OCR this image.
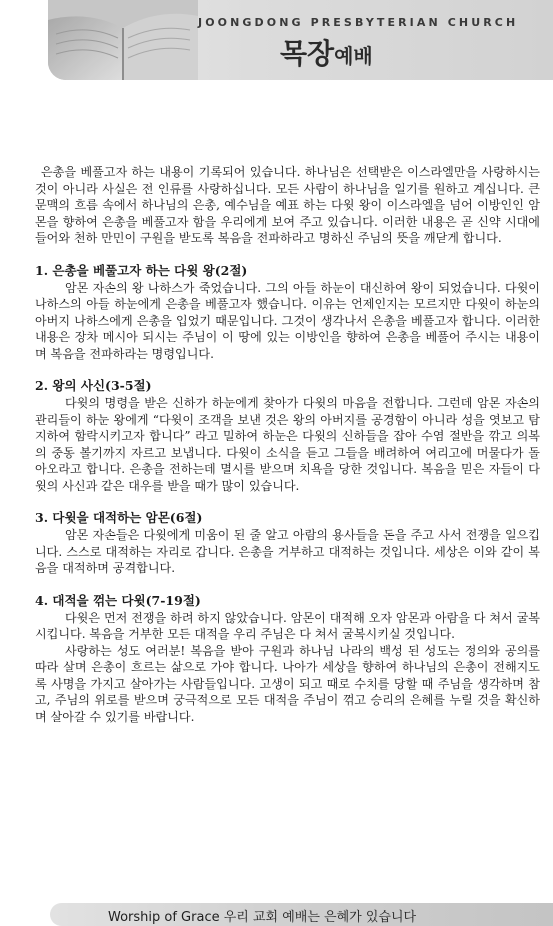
JOONGDONG PRESBYTERIAN CHURCH
목장예배

은총을 베풀고자 하는 내용이 기록되어 있습니다. 하나님은 선택받은 이스라엘만을 사랑하시는 것이 아니라 사실은 전 인류를 사랑하십니다. 모든 사람이 하나님을 일기를 원하고 계십니다. 큰 문맥의 흐름 속에서 하나님의 은총, 예수님을 예표 하는 다윗 왕이 이스라엘을 넘어 이방인인 암몬을 향하여 은총을 베풀고자 함을 우리에게 보여 주고 있습니다. 이러한 내용은 곧 신약 시대에 들어와 천하 만민이 구원을 받도록 복음을 전파하라고 명하신 주님의 뜻을 깨닫게 합니다.

1. 은총을 베풀고자 하는 다윗 왕(2절)

암몬 자손의 왕 나하스가 죽었습니다. 그의 아들 하눈이 대신하여 왕이 되었습니다. 다윗이 나하스의 아들 하눈에게 은총을 베풀고자 했습니다. 이유는 언제인지는 모르지만 다윗이 하눈의 아버지 나하스에게 은총을 입었기 때문입니다. 그것이 생각나서 은총을 베풀고자 합니다. 이러한 내용은 장차 메시아 되시는 주님이 이 땅에 있는 이방인을 향하여 은총을 베풀어 주시는 내용이며 복음을 전파하라는 명령입니다.

2. 왕의 사신(3-5절)

다윗의 명령을 받은 신하가 하눈에게 찾아가 다윗의 마음을 전합니다. 그런데 암몬 자손의 관리들이 하눈 왕에게 “다윗이 조객을 보낸 것은 왕의 아버지를 공경함이 아니라 성을 엿보고 탐지하여 함락시키고자 합니다” 라고 밀하여 하눈은 다윗의 신하들을 잡아 수염 절반을 깎고 의복의 중동 볼기까지 자르고 보냅니다. 다윗이 소식을 듣고 그들을 배려하여 여리고에 머물다가 돌아오라고 합니다. 은총을 전하는데 멸시를 받으며 치욕을 당한 것입니다. 복음을 믿은 자들이 다윗의 사신과 같은 대우를 받을 때가 많이 있습니다.

3. 다윗을 대적하는 암몬(6절)

암몬 자손들은 다윗에게 미움이 된 줄 알고 아람의 용사들을 돈을 주고 사서 전쟁을 일으킵니다. 스스로 대적하는 자리로 갑니다. 은총을 거부하고 대적하는 것입니다. 세상은 이와 같이 복음을 대적하며 공격합니다.

4. 대적을 꺾는 다윗(7-19절)

다윗은 먼저 전쟁을 하려 하지 않았습니다. 암몬이 대적해 오자 암몬과 아람을 다 쳐서 굴복시킵니다. 복음을 거부한 모든 대적을 우리 주님은 다 쳐서 굴복시키실 것입니다.

사랑하는 성도 여러분! 복음을 받아 구원과 하나님 나라의 백성 된 성도는 정의와 공의를 따라 살며 은총이 흐르는 삶으로 가야 합니다. 나아가 세상을 향하여 하나님의 은총이 전해지도록 사명을 가지고 살아가는 사람들입니다. 고생이 되고 때로 수치를 당할 때 주님을 생각하며 참고, 주님의 위로를 받으며 궁극적으로 모든 대적을 주님이 꺾고 승리의 은혜를 누릴 것을 확신하며 살아갈 수 있기를 바랍니다.

Worship of Grace 우리 교회 예배는 은혜가 있습니다
